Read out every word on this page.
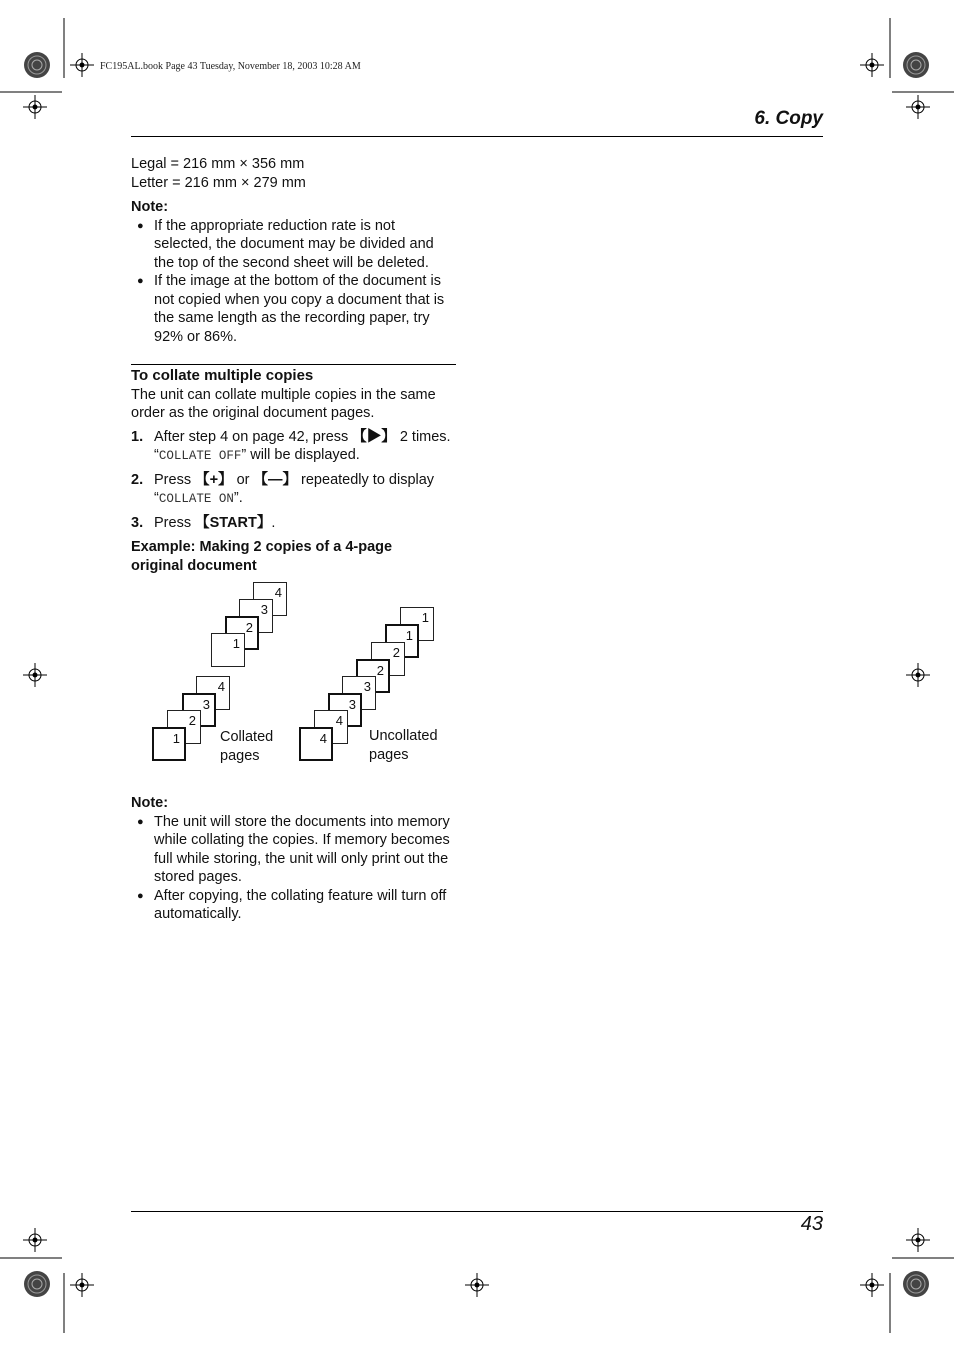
FC195AL.book Page 43 Tuesday, November 18, 2003 10:28 AM
6. Copy
Legal = 216 mm × 356 mm
Letter = 216 mm × 279 mm
Note:
● If the appropriate reduction rate is not selected, the document may be divided and the top of the second sheet will be deleted.
● If the image at the bottom of the document is not copied when you copy a document that is the same length as the recording paper, try 92% or 86%.
To collate multiple copies
The unit can collate multiple copies in the same order as the original document pages.
1. After step 4 on page 42, press 【▶】 2 times. “COLLATE OFF” will be displayed.
2. Press 【+】 or 【—】 repeatedly to display “COLLATE ON”.
3. Press 【START】.
Example: Making 2 copies of a 4-page original document
4
3
2
1
4
3
2
1	Collated pages
1
1
2
2
3
3
4
4	Uncollated pages
Note:
● The unit will store the documents into memory while collating the copies. If memory becomes full while storing, the unit will only print out the stored pages.
● After copying, the collating feature will turn off automatically.
43
